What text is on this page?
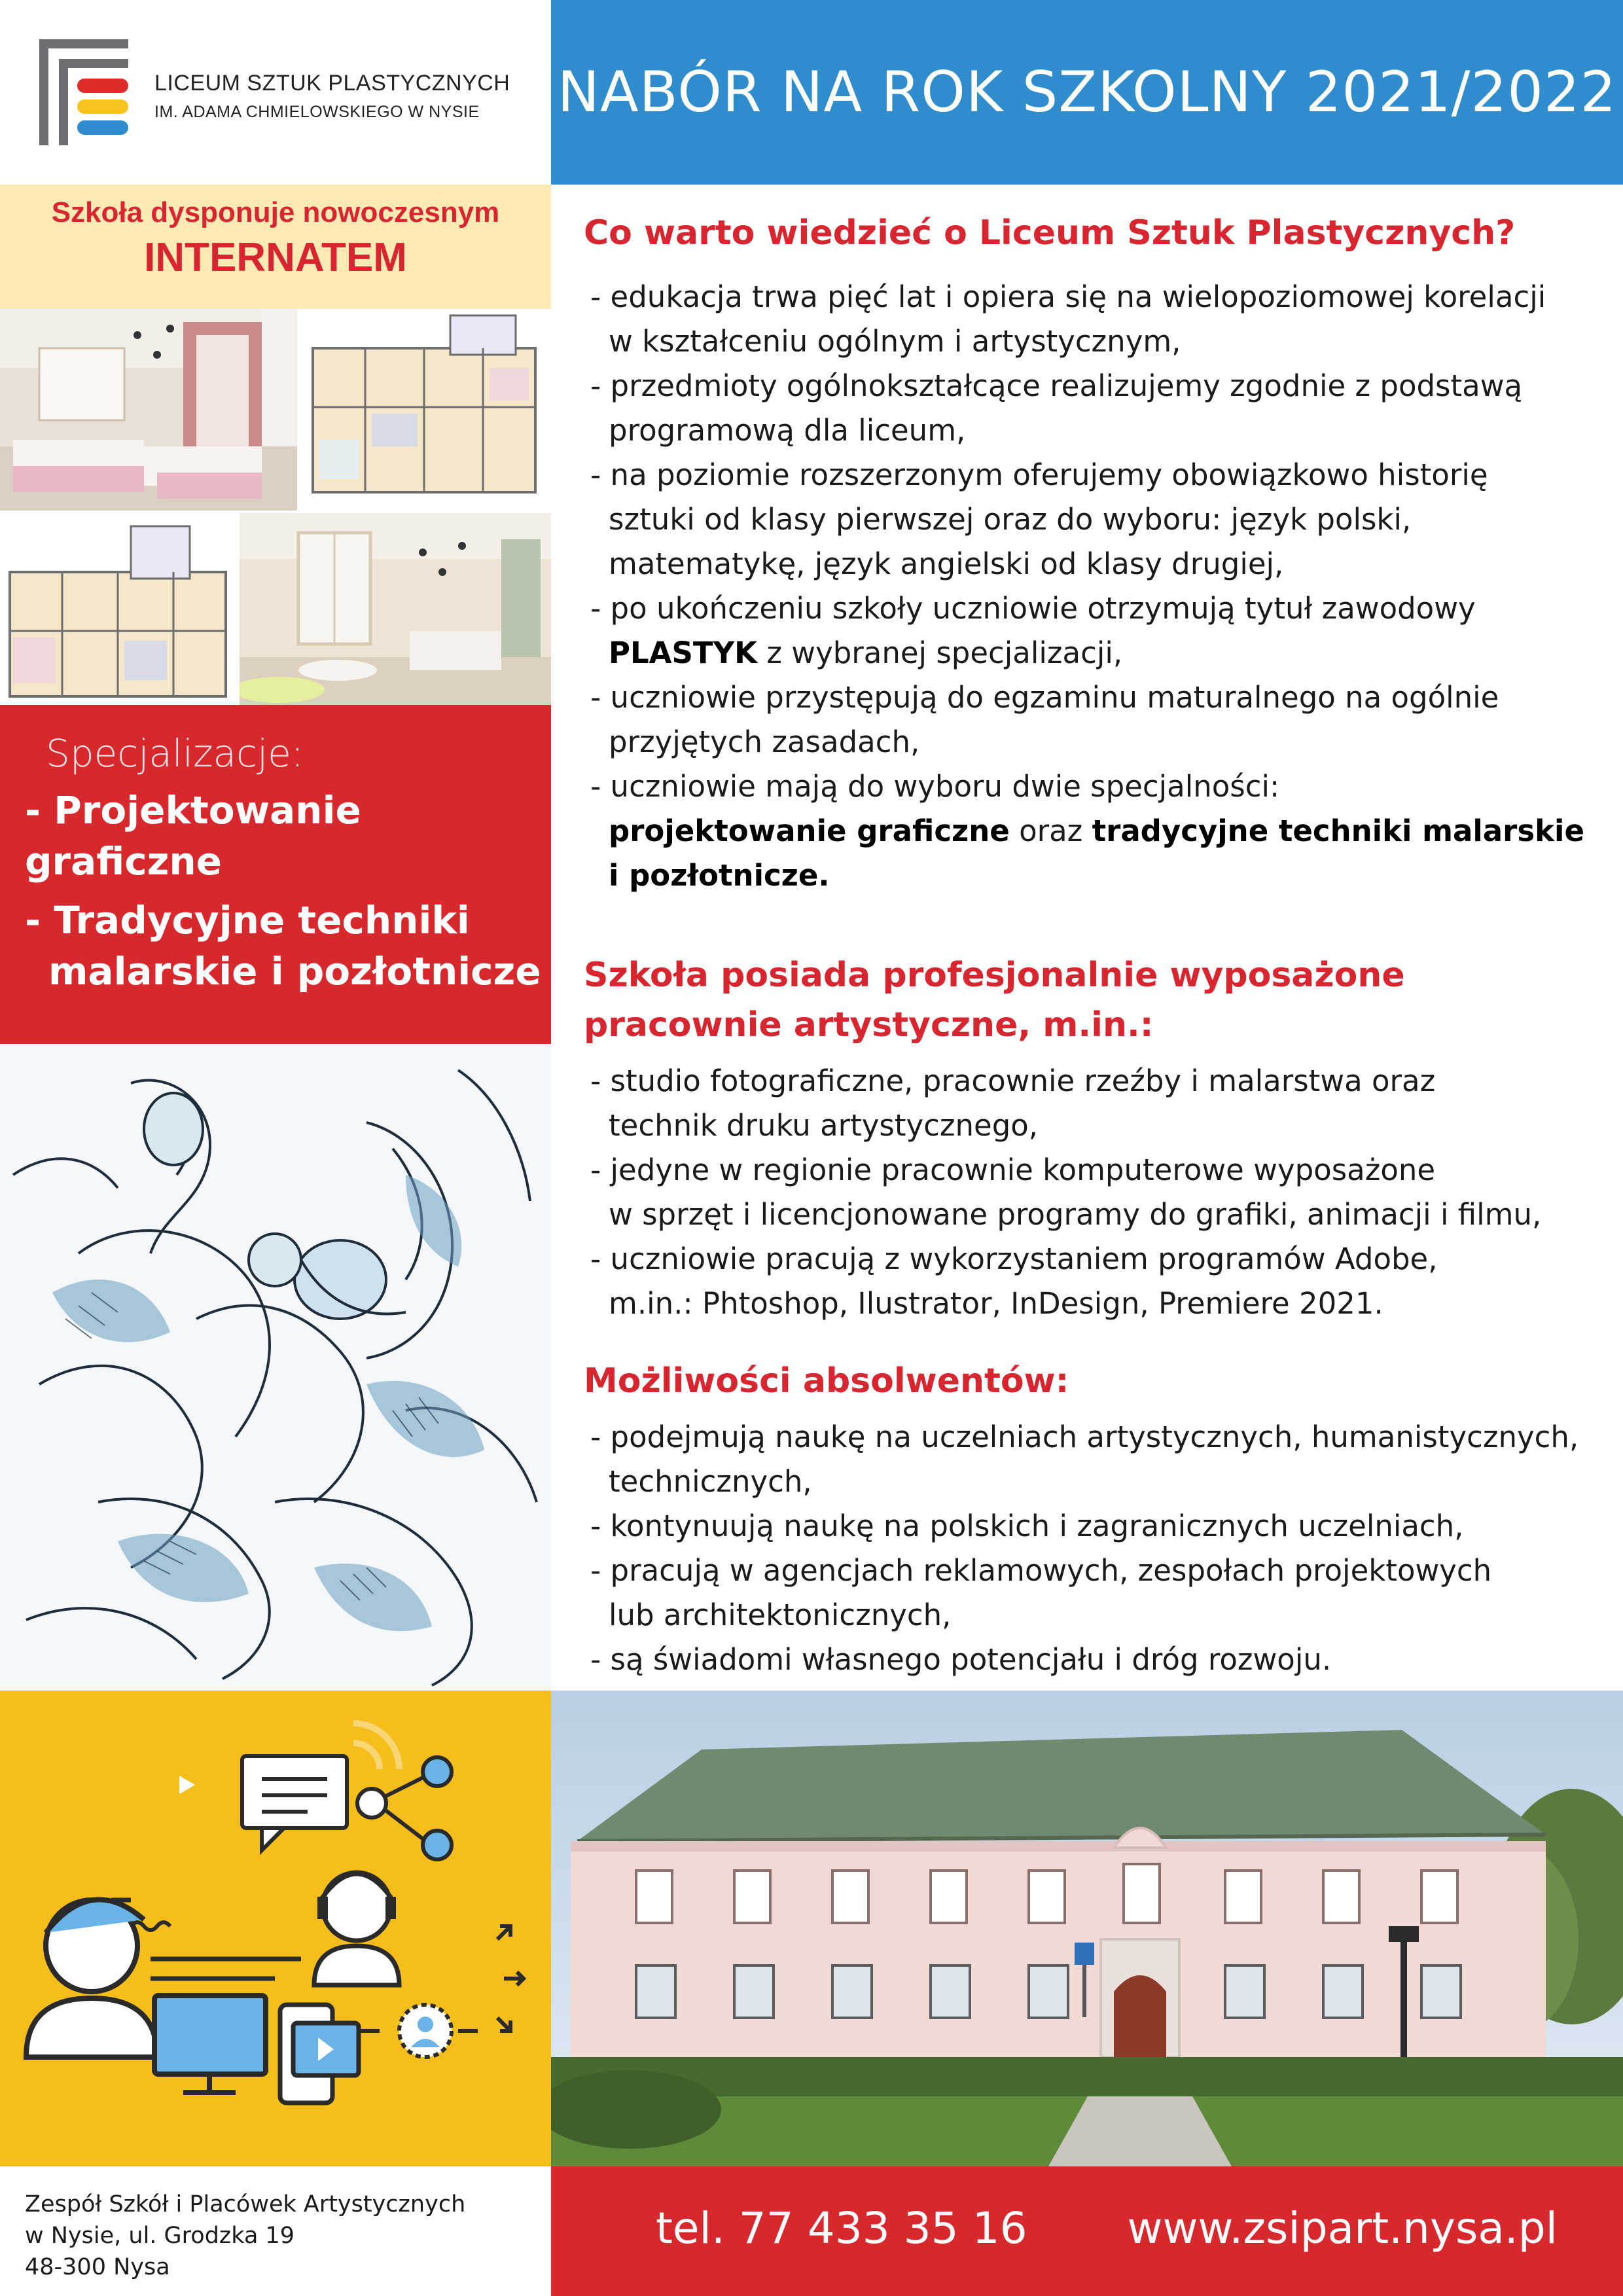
LICEUM SZTUK PLASTYCZNYCH
IM. ADAMA CHMIELOWSKIEGO W NYSIE	NABÓR NA ROK SZKOLNY 2021/2022
Szkoła dysponuje nowoczesnym
INTERNATEM
Specjalizacje:
- Projektowanie graficzne
- Tradycyjne techniki
malarskie i pozłotnicze
Zespół Szkół i Placówek Artystycznych
w Nysie, ul. Grodzka 19
48-300 Nysa
Co warto wiedzieć o Liceum Sztuk Plastycznych?
- edukacja trwa pięć lat i opiera się na wielopoziomowej korelacji
w kształceniu ogólnym i artystycznym,
- przedmioty ogólnokształcące realizujemy zgodnie z podstawą
programową dla liceum,
- na poziomie rozszerzonym oferujemy obowiązkowo historię
sztuki od klasy pierwszej oraz do wyboru: język polski,
matematykę, język angielski od klasy drugiej,
- po ukończeniu szkoły uczniowie otrzymują tytuł zawodowy
PLASTYK z wybranej specjalizacji,
- uczniowie przystępują do egzaminu maturalnego na ogólnie
przyjętych zasadach,
- uczniowie mają do wyboru dwie specjalności:
projektowanie graficzne oraz tradycyjne techniki malarskie
i pozłotnicze.
Szkoła posiada profesjonalnie wyposażone
pracownie artystyczne, m.in.:
- studio fotograficzne, pracownie rzeźby i malarstwa oraz
technik druku artystycznego,
- jedyne w regionie pracownie komputerowe wyposażone
w sprzęt i licencjonowane programy do grafiki, animacji i filmu,
- uczniowie pracują z wykorzystaniem programów Adobe,
m.in.: Phtoshop, Ilustrator, InDesign, Premiere 2021.
Możliwości absolwentów:
- podejmują naukę na uczelniach artystycznych, humanistycznych,
technicznych,
- kontynuują naukę na polskich i zagranicznych uczelniach,
- pracują w agencjach reklamowych, zespołach projektowych
lub architektonicznych,
- są świadomi własnego potencjału i dróg rozwoju.
tel. 77 433 35 16 www.zsipart.nysa.pl
